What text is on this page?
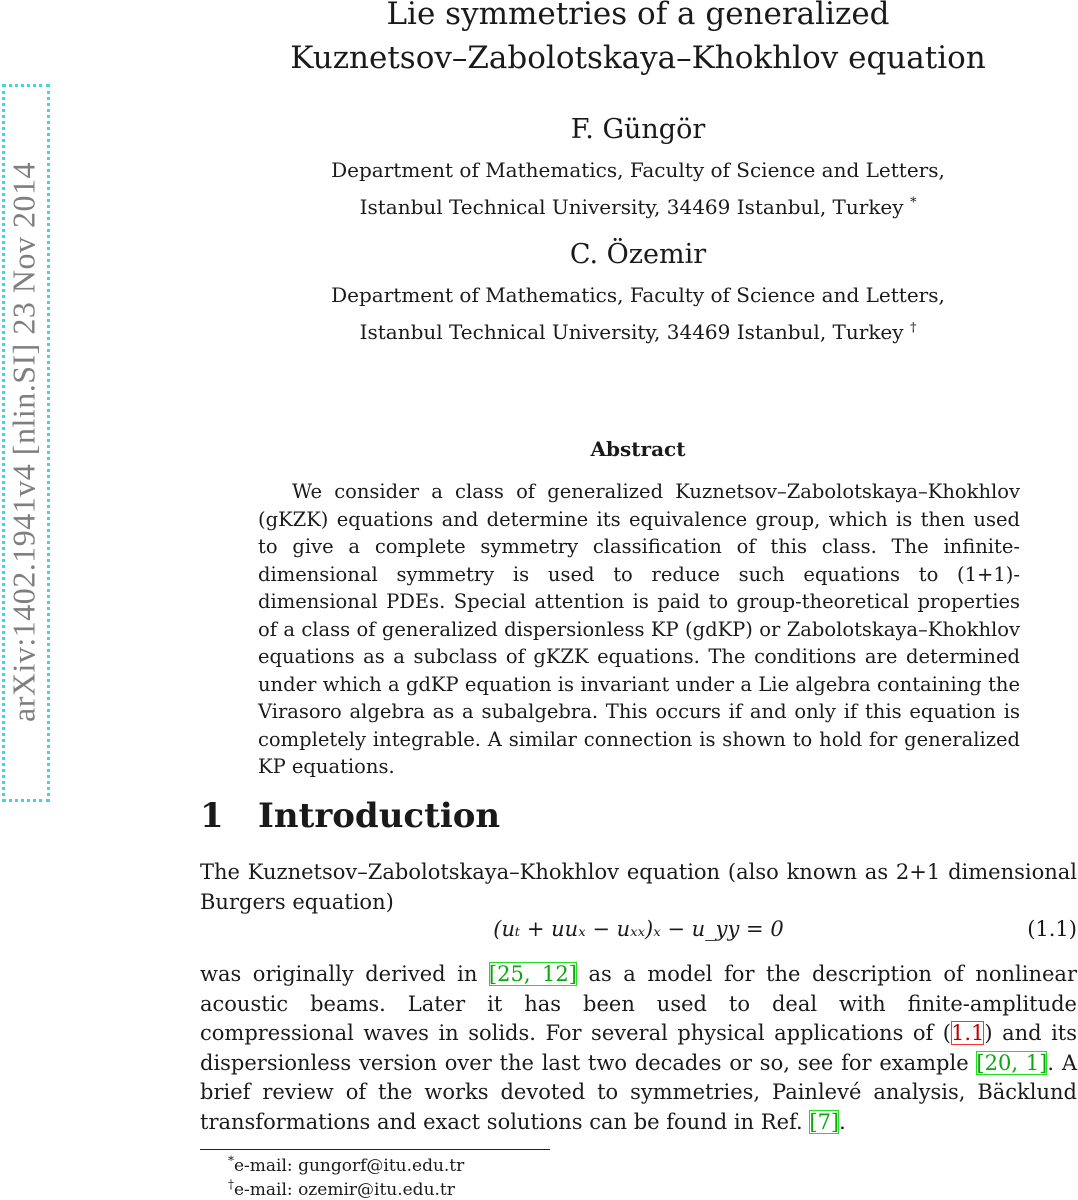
arXiv:1402.1941v4 [nlin.SI] 23 Nov 2014
Lie symmetries of a generalized
Kuznetsov–Zabolotskaya–Khokhlov equation
F. Güngör
Department of Mathematics, Faculty of Science and Letters,
Istanbul Technical University, 34469 Istanbul, Turkey *
C. Özemir
Department of Mathematics, Faculty of Science and Letters,
Istanbul Technical University, 34469 Istanbul, Turkey †
Abstract
We consider a class of generalized Kuznetsov–Zabolotskaya–Khokhlov (gKZK) equations and determine its equivalence group, which is then used to give a complete symmetry classification of this class. The infinite-dimensional symmetry is used to reduce such equations to (1+1)-dimensional PDEs. Special attention is paid to group-theoretical properties of a class of generalized dispersionless KP (gdKP) or Zabolotskaya–Khokhlov equations as a subclass of gKZK equations. The conditions are determined under which a gdKP equation is invariant under a Lie algebra containing the Virasoro algebra as a subalgebra. This occurs if and only if this equation is completely integrable. A similar connection is shown to hold for generalized KP equations.
1 Introduction
The Kuznetsov–Zabolotskaya–Khokhlov equation (also known as 2+1 dimensional Burgers equation)
(uₜ + uuₓ − uₓₓ)ₓ − u_yy = 0	(1.1)
was originally derived in [25, 12] as a model for the description of nonlinear acoustic beams. Later it has been used to deal with finite-amplitude compressional waves in solids. For several physical applications of (1.1) and its dispersionless version over the last two decades or so, see for example [20, 1]. A brief review of the works devoted to symmetries, Painlevé analysis, Bäcklund transformations and exact solutions can be found in Ref. [7].
*e-mail: gungorf@itu.edu.tr
†e-mail: ozemir@itu.edu.tr
